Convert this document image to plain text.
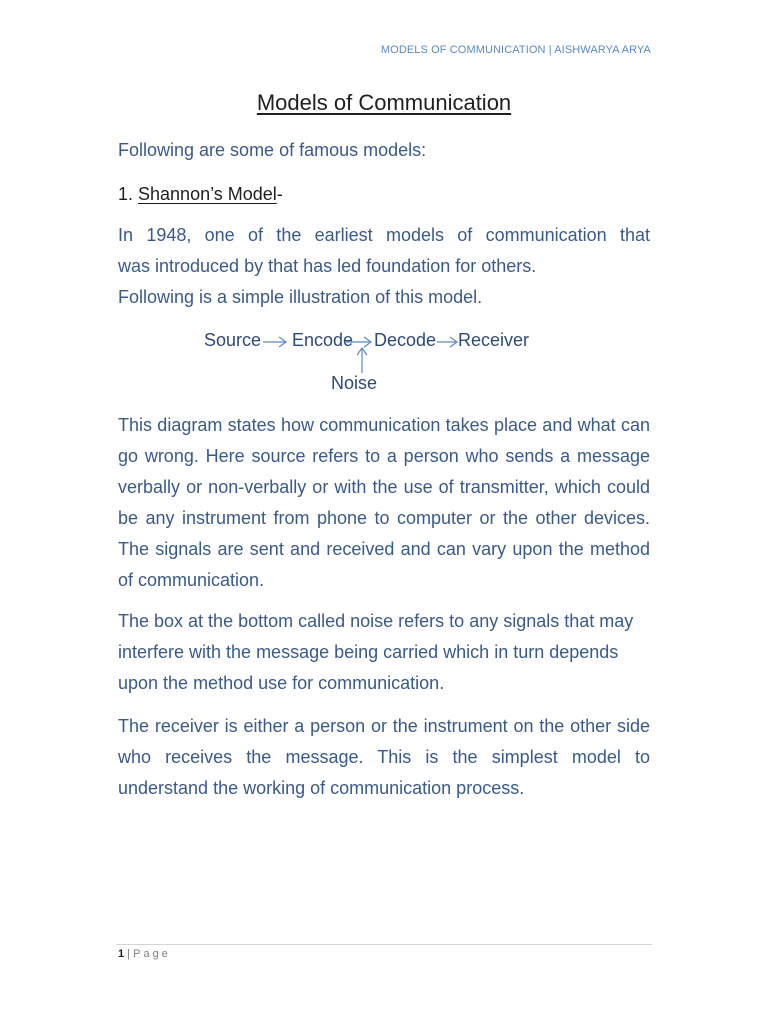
MODELS OF COMMUNICATION | AISHWARYA ARYA
Models of Communication
Following are some of famous models:
1. Shannon’s Model-
In 1948, one of the earliest models of communication that
was introduced by that has led foundation for others.
Following is a simple illustration of this model.
Source Encode Decode Receiver
Noise
This diagram states how communication takes place and what can go wrong. Here source refers to a person who sends a message verbally or non-verbally or with the use of transmitter, which could be any instrument from phone to computer or the other devices. The signals are sent and received and can vary upon the method of communication.
The box at the bottom called noise refers to any signals that may interfere with the message being carried which in turn depends upon the method use for communication.
The receiver is either a person or the instrument on the other side who receives the message. This is the simplest model to understand the working of communication process.
1 | Page
